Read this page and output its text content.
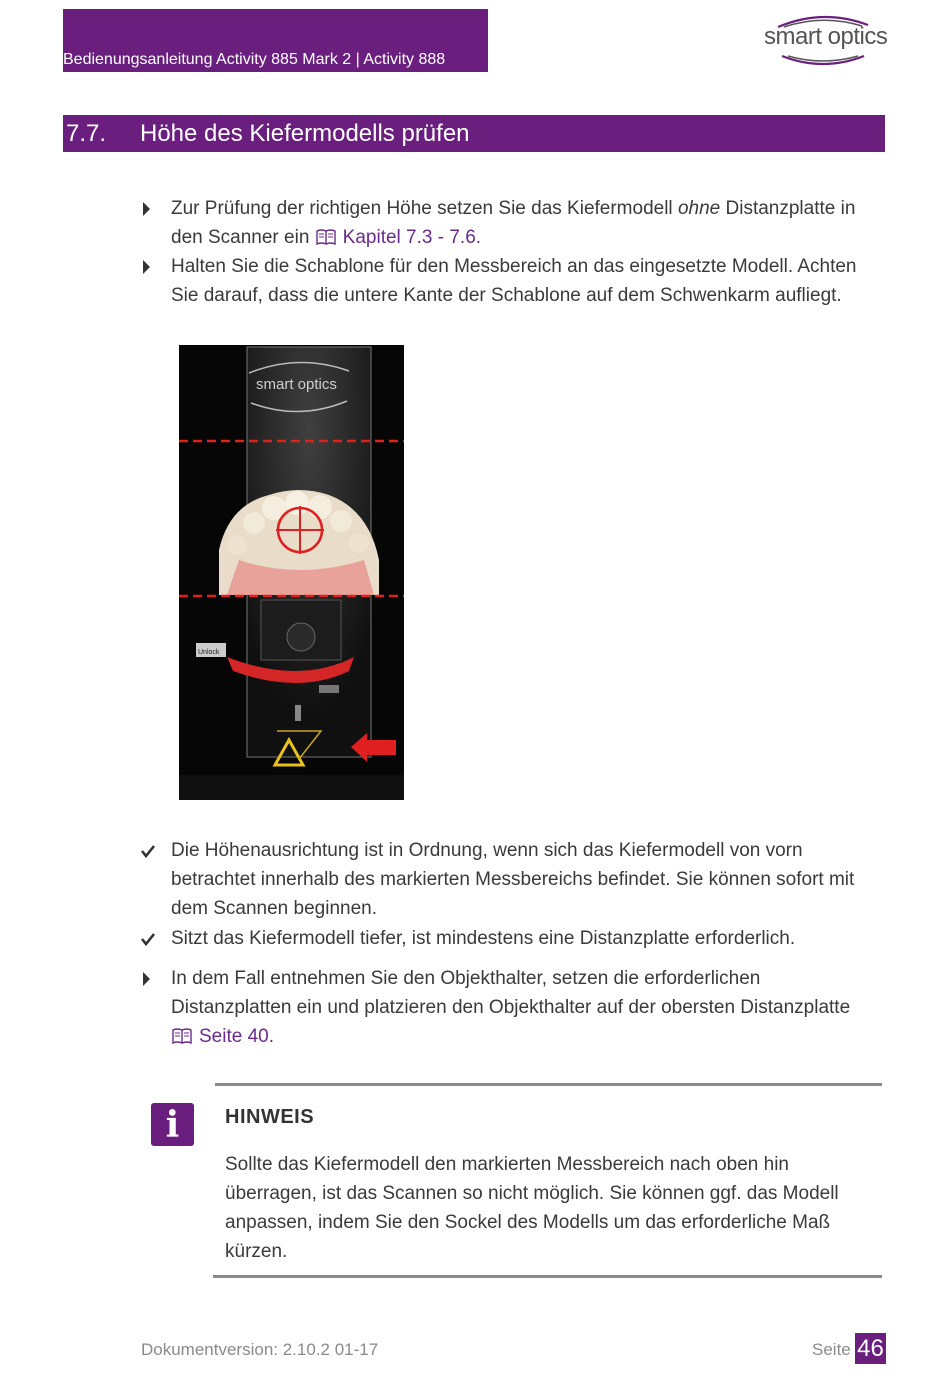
Bedienungsanleitung Activity 885 Mark 2 | Activity 888
smart optics
7.7. Höhe des Kiefermodells prüfen
Zur Prüfung der richtigen Höhe setzen Sie das Kiefermodell ohne Distanzplatte in den Scanner ein Kapitel 7.3 - 7.6.
Halten Sie die Schablone für den Messbereich an das eingesetzte Modell. Achten Sie darauf, dass die untere Kante der Schablone auf dem Schwenkarm aufliegt.
smart optics
Unlock
Die Höhenausrichtung ist in Ordnung, wenn sich das Kiefermodell von vorn betrachtet innerhalb des markierten Messbereichs befindet. Sie können sofort mit dem Scannen beginnen.
Sitzt das Kiefermodell tiefer, ist mindestens eine Distanzplatte erforderlich.
In dem Fall entnehmen Sie den Objekthalter, setzen die erforderlichen Distanzplatten ein und platzieren den Objekthalter auf der obersten Distanzplatte
Seite 40.
i	HINWEIS
Sollte das Kiefermodell den markierten Messbereich nach oben hin überragen, ist das Scannen so nicht möglich. Sie können ggf. das Modell anpassen, indem Sie den Sockel des Modells um das erforderliche Maß kürzen.
Dokumentversion: 2.10.2 01-17	Seite 46
